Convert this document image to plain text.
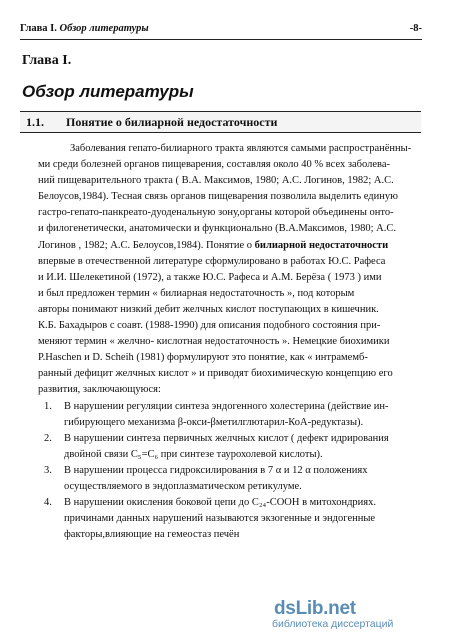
Глава I. Обзор литературы	-8-
Глава I.
Обзор литературы
1.1. Понятие о билиарной недостаточности
Заболевания гепато-билиарного тракта являются самыми распространённы-
ми среди болезней органов пищеварения, составляя около 40 % всех заболева-
ний пищеварительного тракта ( В.А. Максимов, 1980; А.С. Логинов, 1982; А.С.
Белоусов,1984). Тесная связь органов пищеварения позволила выделить единую
гастро-гепато-панкреато-дуоденальную зону,органы которой объединены онто-
и филогенетически, анатомически и функционально (В.А.Максимов, 1980; А.С.
Логинов , 1982; А.С. Белоусов,1984). Понятие о билиарной недостаточности
впервые в отечественной литературе сформулировано в работах Ю.С. Рафеса
и И.И. Шелекетиной (1972), а также Ю.С. Рафеса и А.М. Берёза ( 1973 ) ими
и был предложен термин « билиарная недостаточность », под которым
авторы понимают низкий дебит желчных кислот поступающих в кишечник.
К.Б. Бахадыров с соавт. (1988-1990) для описания подобного состояния при-
меняют термин « желчно- кислотная недостаточность ». Немецкие биохимики
P.Haschen и D. Scheih (1981) формулируют это понятие, как « интрамемб-
ранный дефицит желчных кислот » и приводят биохимическую концепцию его
развития, заключающуюся:
1. В нарушении регуляции синтеза эндогенного холестерина (действие ин-
гибирующего механизма β-окси-βметилглютарил-КоА-редуктазы).
2. В нарушении синтеза первичных желчных кислот ( дефект идрирования
двойной связи C₅=C₆ при синтезе таурохолевой кислоты).
3. В нарушении процесса гидроксилирования в 7 α и 12 α положениях
осуществляемого в эндоплазматическом ретикулуме.
4. В нарушении окисления боковой цепи до C₂₄-COOH в митохондриях.
причинами данных нарушений называются экзогенные и эндогенные
факторы,влияющие на гемеостаз печён
dsLib.net
библиотека диссертаций
